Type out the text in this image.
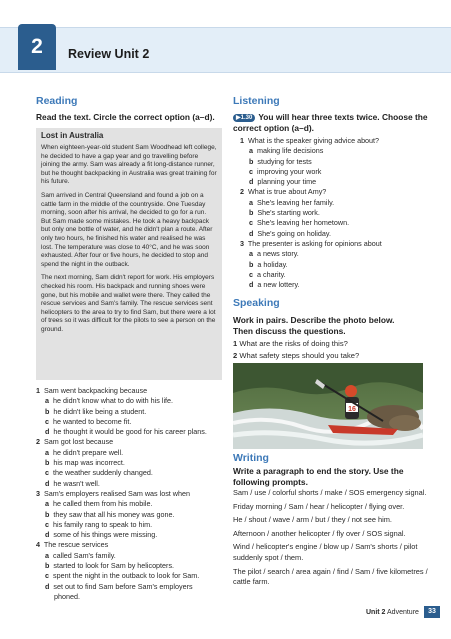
2	Review Unit 2
Reading
Read the text. Circle the correct option (a–d).
Lost in Australia

When eighteen-year-old student Sam Woodhead left college, he decided to have a gap year and go travelling before joining the army. Sam was already a fit long-distance runner, but he thought backpacking in Australia was great training for his future.

Sam arrived in Central Queensland and found a job on a cattle farm in the middle of the countryside. One Tuesday morning, soon after his arrival, he decided to go for a run. But Sam made some mistakes. He took a heavy backpack but only one bottle of water, and he didn't plan a route. After only two hours, he finished his water and realised he was lost. The temperature was close to 40°C, and he was soon exhausted. After four or five hours, he decided to stop and spend the night in the outback.

The next morning, Sam didn't report for work. His employers checked his room. His backpack and running shoes were gone, but his mobile and wallet were there. They called the rescue services and Sam's family. The rescue services sent helicopters to the area to try to find Sam, but there were a lot of trees so it was difficult for the pilots to see a person on the ground.

1 Sam went backpacking because
a he didn't know what to do with his life.
b he didn't like being a student.
c he wanted to become fit.
d he thought it would be good for his career plans.
2 Sam got lost because
a he didn't prepare well.
b his map was incorrect.
c the weather suddenly changed.
d he wasn't well.
3 Sam's employers realised Sam was lost when
a he called them from his mobile.
b they saw that all his money was gone.
c his family rang to speak to him.
d some of his things were missing.
4 The rescue services
a called Sam's family.
b started to look for Sam by helicopters.
c spent the night in the outback to look for Sam.
d set out to find Sam before Sam's employers
phoned.
Listening
▶1.30 You will hear three texts twice. Choose the
correct option (a–d).
1 What is the speaker giving advice about?
a making life decisions
b studying for tests
c improving your work
d planning your time
2 What is true about Amy?
a She's leaving her family.
b She's starting work.
c She's leaving her hometown.
d She's going on holiday.
3 The presenter is asking for opinions about
a a news story.
b a holiday.
c a charity.
d a new lottery.
Speaking
Work in pairs. Describe the photo below.
Then discuss the questions.
1 What are the risks of doing this?
2 What safety steps should you take?
16
Writing
Write a paragraph to end the story. Use the
following prompts.
Sam / use / colorful shorts / make / SOS emergency signal.
Friday morning / Sam / hear / helicopter / flying over.
He / shout / wave / arm / but / they / not see him.
Afternoon / another helicopter / fly over / SOS signal.
Wind / helicopter's engine / blow up / Sam's shorts / pilot suddenly spot / them.
The pilot / search / area again / find / Sam / five kilometres / cattle farm.
Unit 2 Adventure	33
